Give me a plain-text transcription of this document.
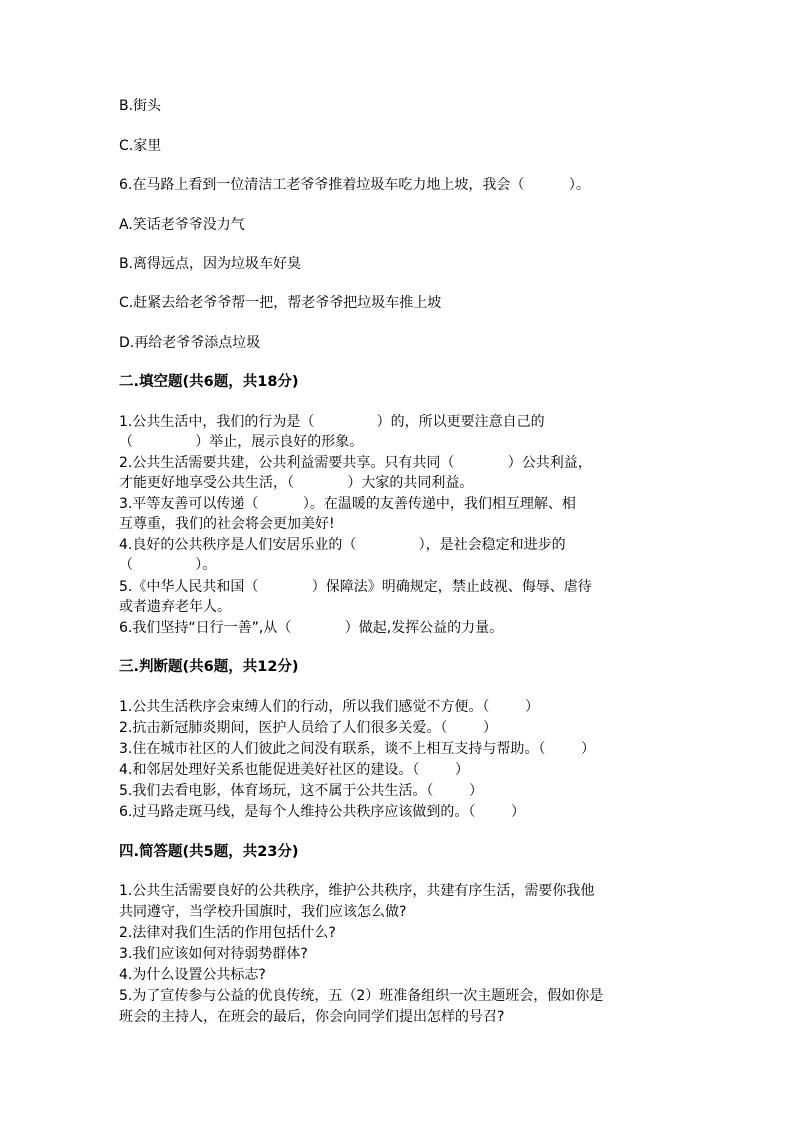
B.街头
C.家里
6.在马路上看到一位清洁工老爷爷推着垃圾车吃力地上坡，我会（          ）。
A.笑话老爷爷没力气
B.离得远点，因为垃圾车好臭
C.赶紧去给老爷爷帮一把，帮老爷爷把垃圾车推上坡
D.再给老爷爷添点垃圾
二.填空题(共6题，共18分)
1.公共生活中，我们的行为是（              ）的，所以更要注意自己的
（              ）举止，展示良好的形象。
2.公共生活需要共建，公共利益需要共享。只有共同（            ）公共利益，
才能更好地享受公共生活，（            ）大家的共同利益。
3.平等友善可以传递（          ）。在温暖的友善传递中，我们相互理解、相
互尊重，我们的社会将会更加美好!
4.良好的公共秩序是人们安居乐业的（              ），是社会稳定和进步的
（              ）。
5.《中华人民共和国（            ）保障法》明确规定，禁止歧视、侮辱、虐待
或者遗弃老年人。
6.我们坚持“日行一善”,从（            ）做起,发挥公益的力量。
三.判断题(共6题，共12分)
1.公共生活秩序会束缚人们的行动，所以我们感觉不方便。（        ）
2.抗击新冠肺炎期间，医护人员给了人们很多关爱。（        ）
3.住在城市社区的人们彼此之间没有联系，谈不上相互支持与帮助。（        ）
4.和邻居处理好关系也能促进美好社区的建设。（        ）
5.我们去看电影，体育场玩，这不属于公共生活。（        ）
6.过马路走斑马线，是每个人维持公共秩序应该做到的。（        ）
四.简答题(共5题，共23分)
1.公共生活需要良好的公共秩序，维护公共秩序，共建有序生活，需要你我他
共同遵守，当学校升国旗时，我们应该怎么做?
2.法律对我们生活的作用包括什么?
3.我们应该如何对待弱势群体?
4.为什么设置公共标志?
5.为了宣传参与公益的优良传统，五（2）班准备组织一次主题班会，假如你是
班会的主持人，在班会的最后，你会向同学们提出怎样的号召?
